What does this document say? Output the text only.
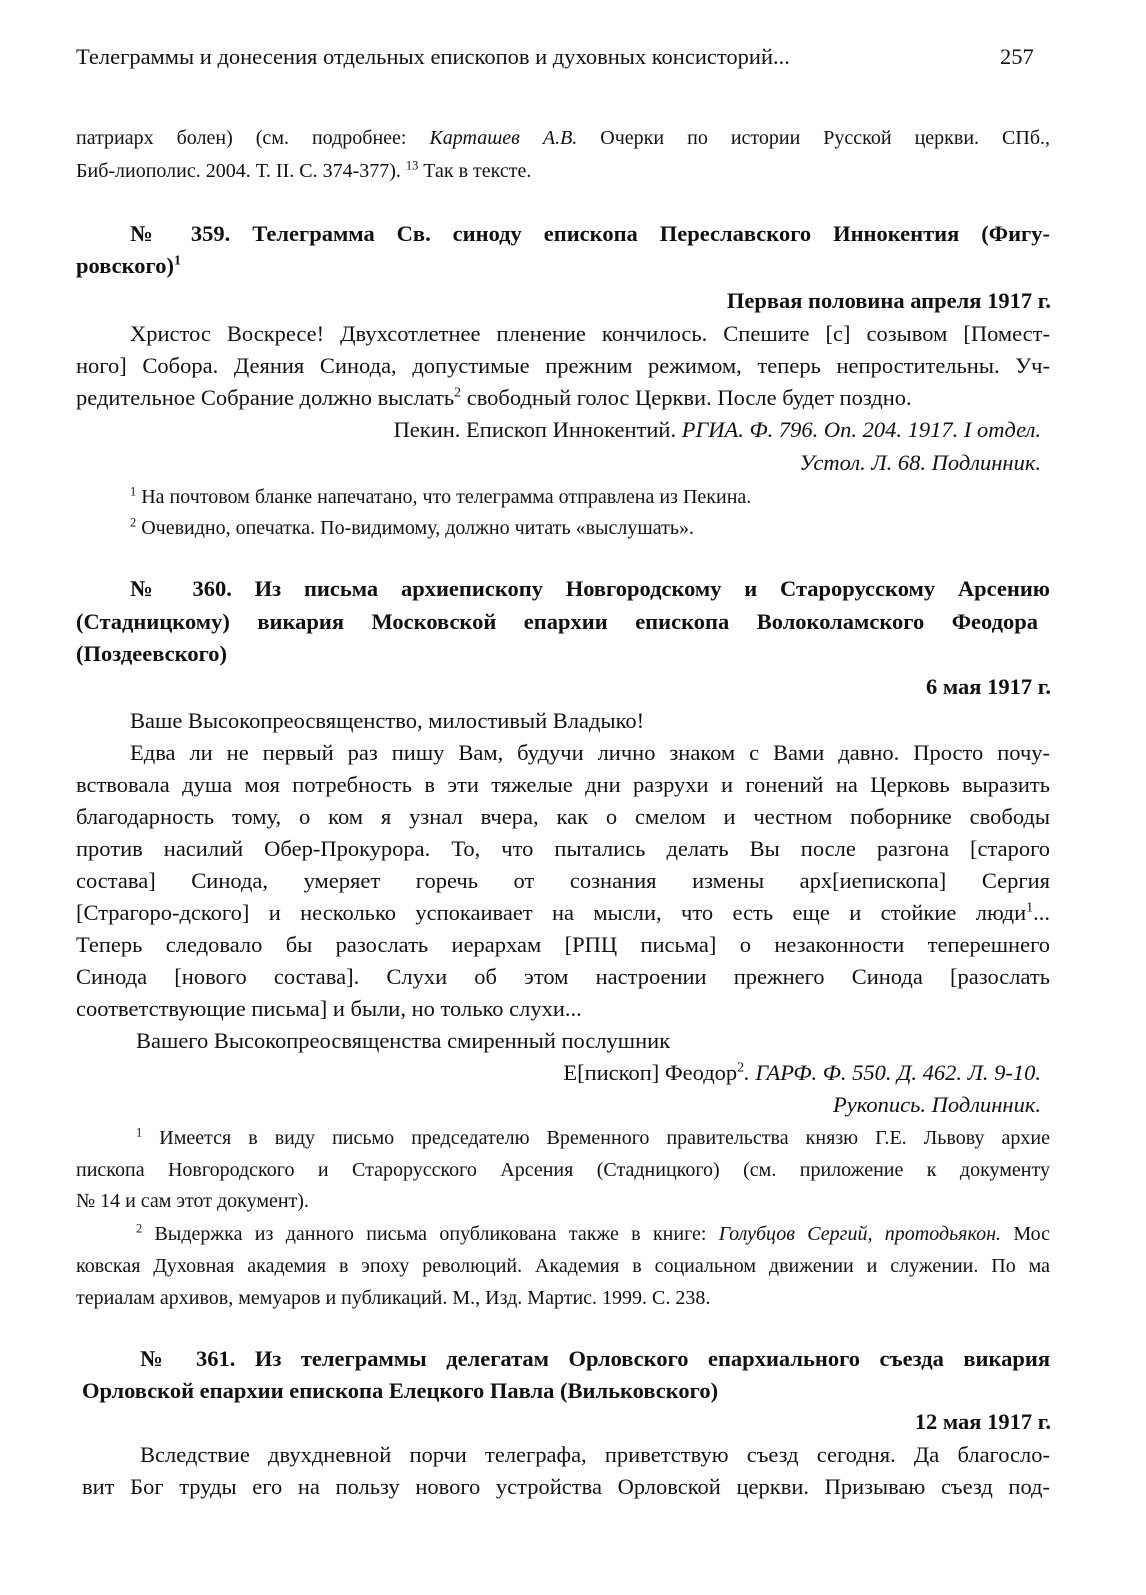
Телеграммы и донесения отдельных епископов и духовных консисторий...	257
патриарх болен) (см. подробнее: Карташев А.В. Очерки по истории Русской церкви. СПб.,
Биб-лиополис. 2004. Т. II. С. 374-377). $^{13}$ Так в тексте.
№ 359. Телеграмма Св. синоду епископа Переславского Иннокентия (Фигу-
ровского)$^1$
Первая половина апреля 1917 г.
Христос Воскресе! Двухсотлетнее пленение кончилось. Спешите [с] созывом [Помест-
ного] Собора. Деяния Синода, допустимые прежним режимом, теперь непростительны. Уч-
редительное Собрание должно выслать$^2$ свободный голос Церкви. После будет поздно.
Пекин. Епископ Иннокентий. РГИА. Ф. 796. Оп. 204. 1917. I отдел.
Устол. Л. 68. Подлинник.
$^1$ На почтовом бланке напечатано, что телеграмма отправлена из Пекина.
$^2$ Очевидно, опечатка. По-видимому, должно читать «выслушать».
№ 360. Из письма архиепископу Новгородскому и Старорусскому Арсению
(Стадницкому) викария Московской епархии епископа Волоколамского Феодора
(Поздеевского)
6 мая 1917 г.
Ваше Высокопреосвященство, милостивый Владыко!
Едва ли не первый раз пишу Вам, будучи лично знаком с Вами давно. Просто почу-
вствовала душа моя потребность в эти тяжелые дни разрухи и гонений на Церковь выразить
благодарность тому, о ком я узнал вчера, как о смелом и честном поборнике свободы
против насилий Обер-Прокурора. То, что пытались делать Вы после разгона [старого
состава] Синода, умеряет горечь от сознания измены арх[иепископа] Сергия
[Страгоро-дского] и несколько успокаивает на мысли, что есть еще и стойкие люди$^1$...
Теперь следовало бы разослать иерархам [РПЦ письма] о незаконности теперешнего
Синода [нового состава]. Слухи об этом настроении прежнего Синода [разослать
соответствующие письма] и были, но только слухи...
Вашего Высокопреосвященства смиренный послушник
Е[пископ] Феодор$^2$. ГАРФ. Ф. 550. Д. 462. Л. 9-10.
Рукопись. Подлинник.
$^1$ Имеется в виду письмо председателю Временного правительства князю Г.Е. Львову архие
пископа Новгородского и Старорусского Арсения (Стадницкого) (см. приложение к документу
№ 14 и сам этот документ).
$^2$ Выдержка из данного письма опубликована также в книге: Голубцов Сергий, протодьякон. Мос
ковская Духовная академия в эпоху революций. Академия в социальном движении и служении. По ма
териалам архивов, мемуаров и публикаций. М., Изд. Мартис. 1999. С. 238.
№ 361. Из телеграммы делегатам Орловского епархиального съезда викария
Орловской епархии епископа Елецкого Павла (Вильковского)
12 мая 1917 г.
Вследствие двухдневной порчи телеграфа, приветствую съезд сегодня. Да благосло-
вит Бог труды его на пользу нового устройства Орловской церкви. Призываю съезд под-
